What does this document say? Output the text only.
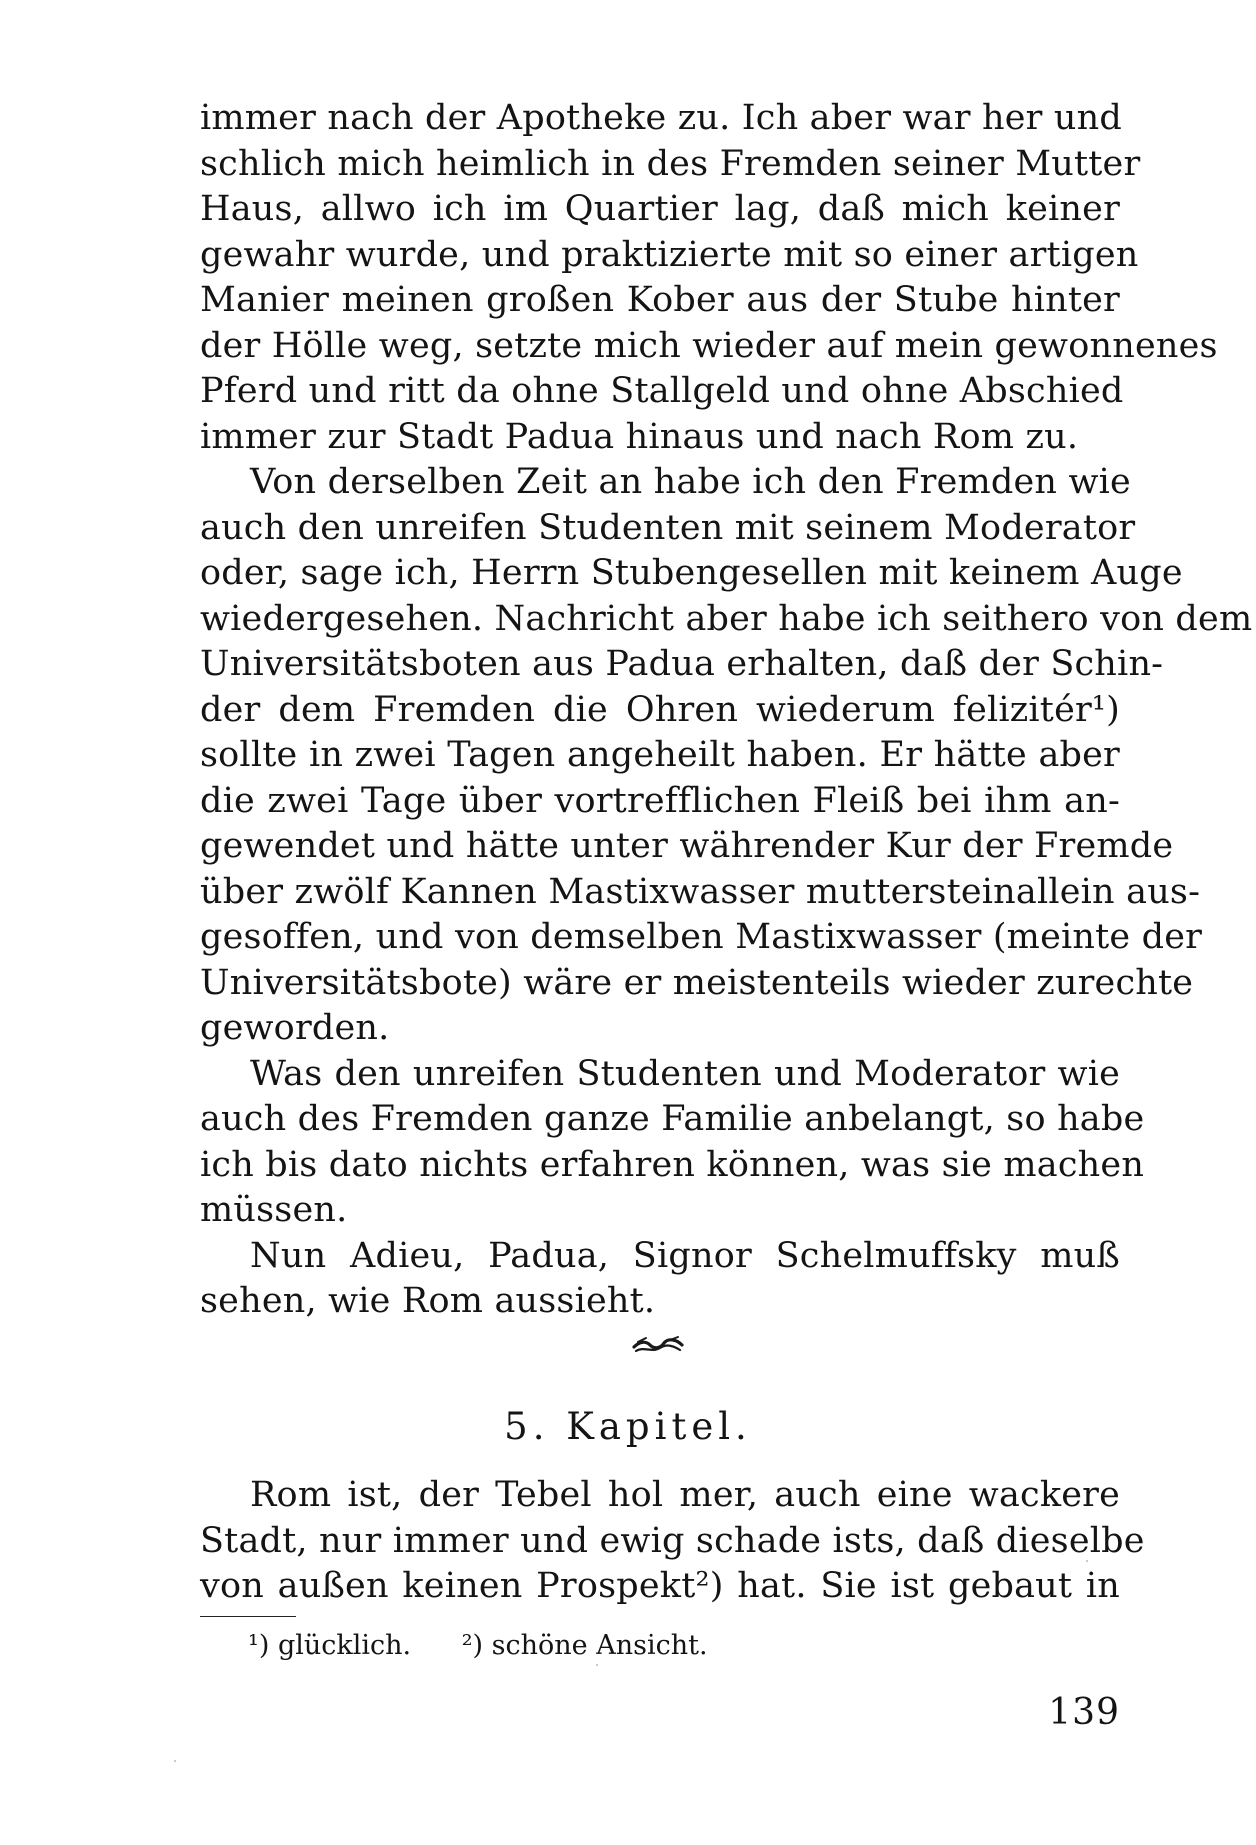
immer nach der Apotheke zu. Ich aber war her und
schlich mich heimlich in des Fremden seiner Mutter
Haus, allwo ich im Quartier lag, daß mich keiner
gewahr wurde, und praktizierte mit so einer artigen
Manier meinen großen Kober aus der Stube hinter
der Hölle weg, setzte mich wieder auf mein gewonnenes
Pferd und ritt da ohne Stallgeld und ohne Abschied
immer zur Stadt Padua hinaus und nach Rom zu.
Von derselben Zeit an habe ich den Fremden wie
auch den unreifen Studenten mit seinem Moderator
oder, sage ich, Herrn Stubengesellen mit keinem Auge
wiedergesehen. Nachricht aber habe ich seithero von dem
Universitätsboten aus Padua erhalten, daß der Schin-
der dem Fremden die Ohren wiederum felizitér¹)
sollte in zwei Tagen angeheilt haben. Er hätte aber
die zwei Tage über vortrefflichen Fleiß bei ihm an-
gewendet und hätte unter währender Kur der Fremde
über zwölf Kannen Mastixwasser muttersteinallein aus-
gesoffen, und von demselben Mastixwasser (meinte der
Universitätsbote) wäre er meistenteils wieder zurechte
geworden.
Was den unreifen Studenten und Moderator wie
auch des Fremden ganze Familie anbelangt, so habe
ich bis dato nichts erfahren können, was sie machen
müssen.
Nun Adieu, Padua, Signor Schelmuffsky muß
sehen, wie Rom aussieht.
5. Kapitel.
Rom ist, der Tebel hol mer, auch eine wackere
Stadt, nur immer und ewig schade ists, daß dieselbe
von außen keinen Prospekt²) hat. Sie ist gebaut in
¹) glücklich. ²) schöne Ansicht.
139
